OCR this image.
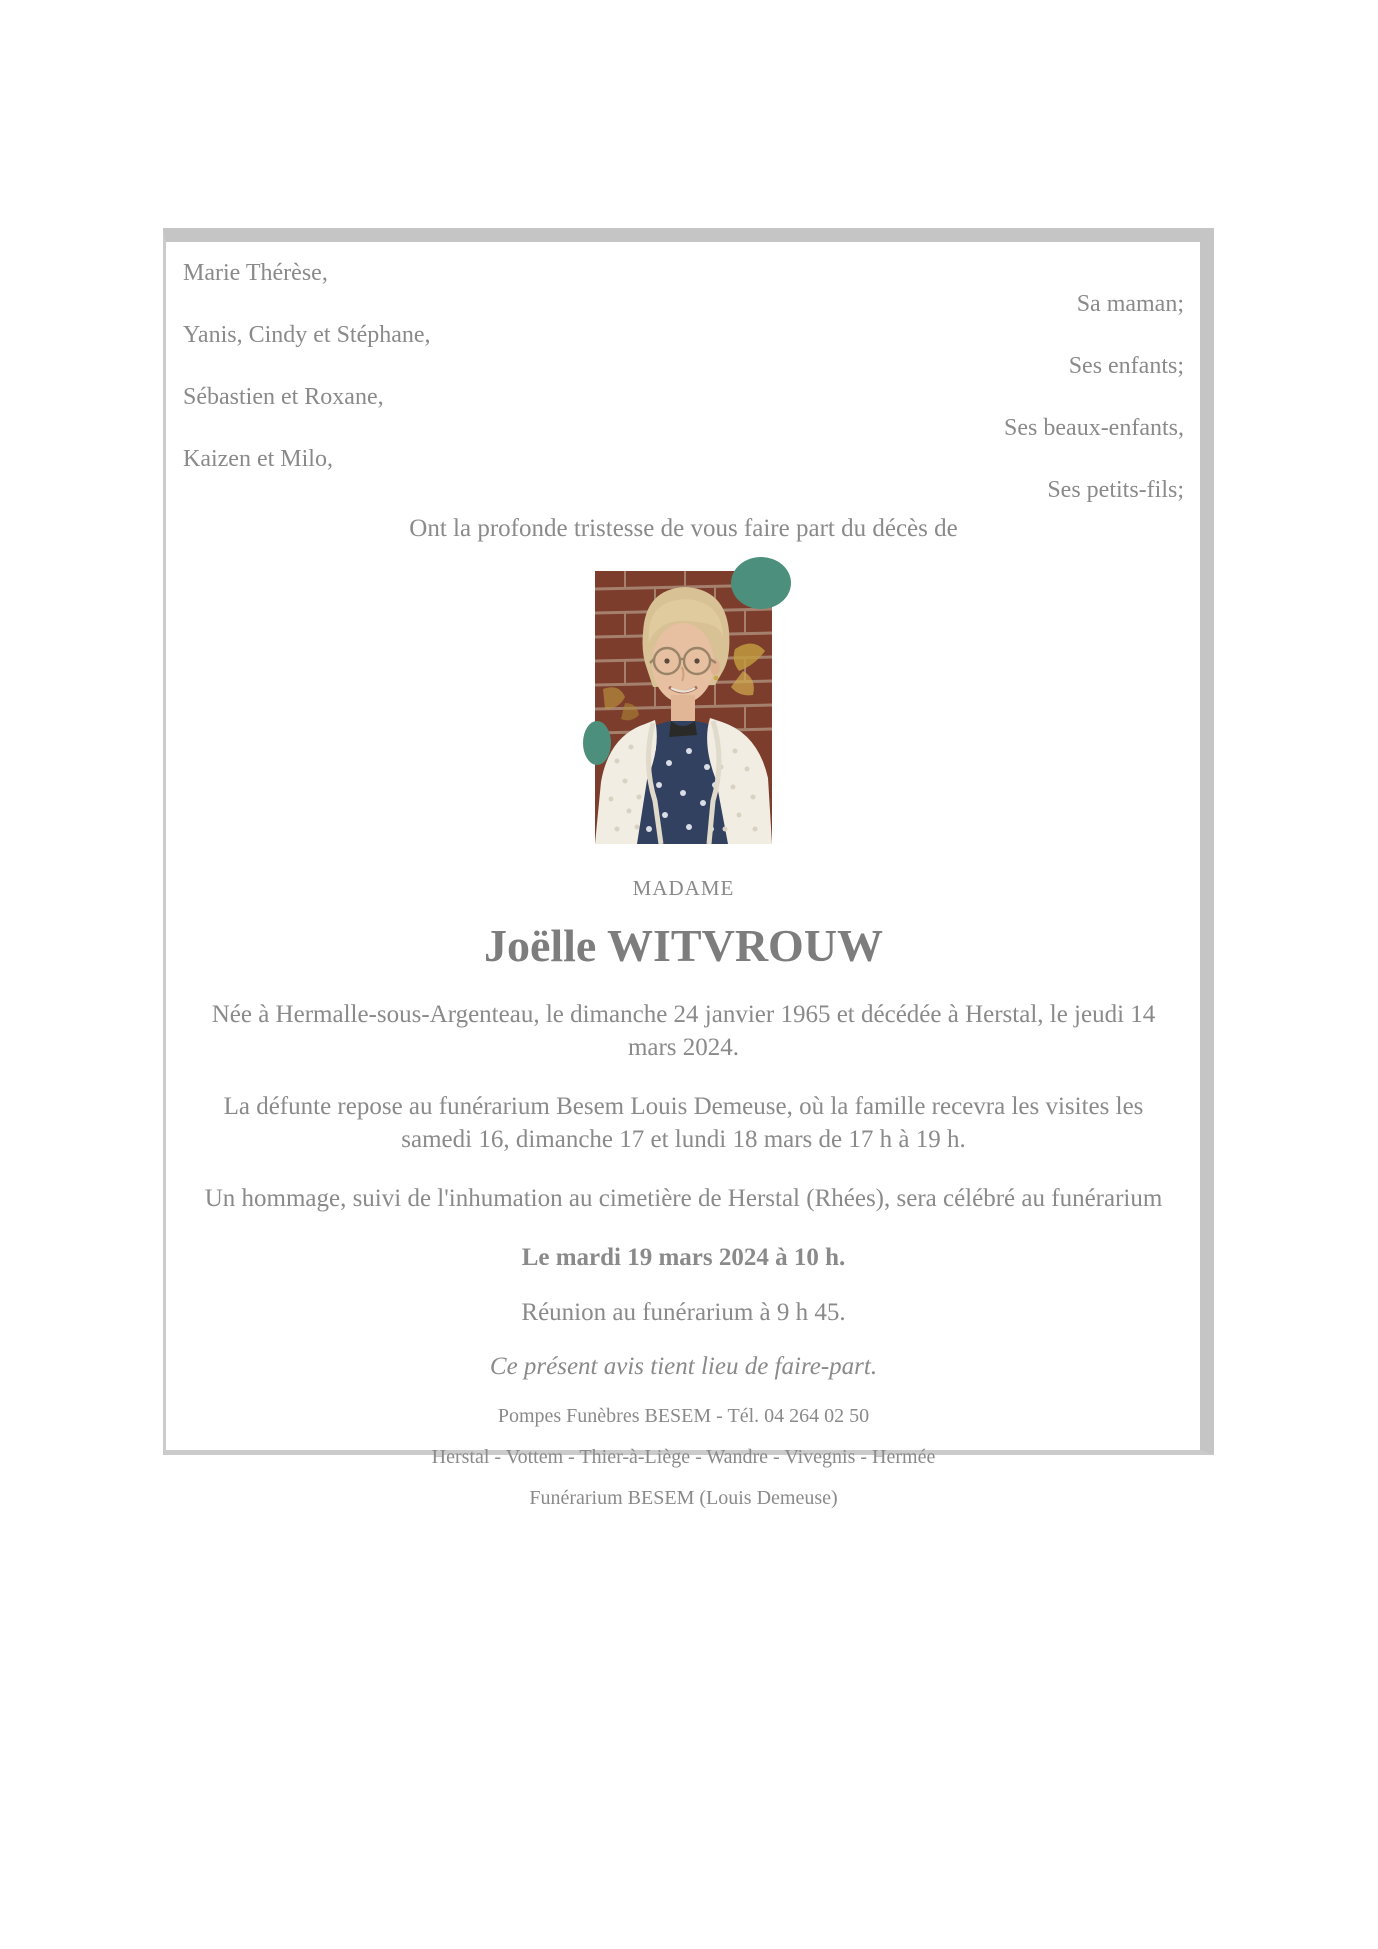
Marie Thérèse,
Sa maman;
Yanis, Cindy et Stéphane,
Ses enfants;
Sébastien et Roxane,
Ses beaux-enfants,
Kaizen et Milo,
Ses petits-fils;
Ont la profonde tristesse de vous faire part du décès de
MADAME
Joëlle WITVROUW
Née à Hermalle-sous-Argenteau, le dimanche 24 janvier 1965 et décédée à Herstal, le jeudi 14 mars 2024.
La défunte repose au funérarium Besem Louis Demeuse, où la famille recevra les visites les samedi 16, dimanche 17 et lundi 18 mars de 17 h à 19 h.
Un hommage, suivi de l'inhumation au cimetière de Herstal (Rhées), sera célébré au funérarium
Le mardi 19 mars 2024 à 10 h.
Réunion au funérarium à 9 h 45.
Ce présent avis tient lieu de faire-part.
Pompes Funèbres BESEM - Tél. 04 264 02 50
Herstal - Vottem - Thier-à-Liège - Wandre - Vivegnis - Hermée
Funérarium BESEM (Louis Demeuse)
